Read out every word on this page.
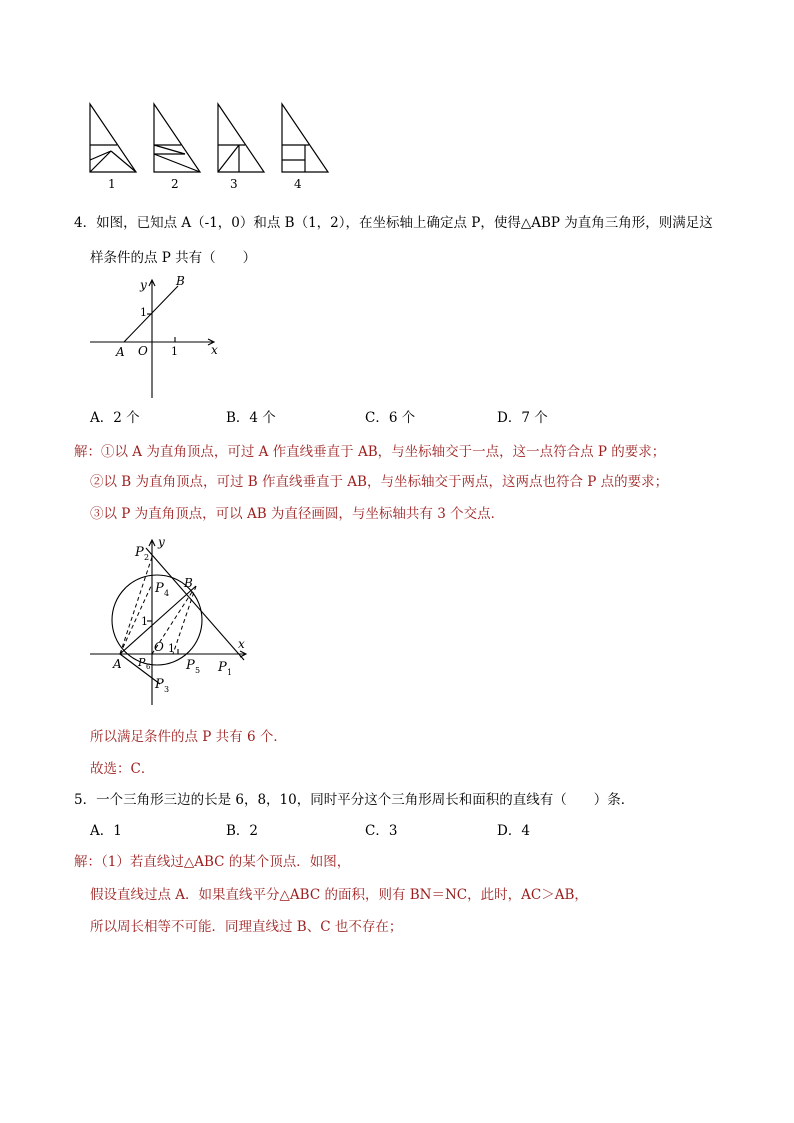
1	2	3	4
4．如图，已知点 A（-1，0）和点 B（1，2），在坐标轴上确定点 P，使得△ABP 为直角三角形，则满足这
样条件的点 P 共有（　　）
y B
1
A O 1	x
A．2 个	B．4 个	C．6 个	D．7 个
解：①以 A 为直角顶点，可过 A 作直线垂直于 AB，与坐标轴交于一点，这一点符合点 P 的要求；
②以 B 为直角顶点，可过 B 作直线垂直于 AB，与坐标轴交于两点，这两点也符合 P 点的要求；
③以 P 为直角顶点，可以 AB 为直径画圆，与坐标轴共有 3 个交点．
P 2
y
B
P 4
1
O 1	x
A P 6	P 5 P 1
P 3
所以满足条件的点 P 共有 6 个．
故选：C．
5．一个三角形三边的长是 6，8，10，同时平分这个三角形周长和面积的直线有（　　）条．
A．1	B．2	C．3	D．4
解：（1）若直线过△ABC 的某个顶点．如图，
假设直线过点 A．如果直线平分△ABC 的面积，则有 BN＝NC，此时，AC＞AB，
所以周长相等不可能．同理直线过 B、C 也不存在；
